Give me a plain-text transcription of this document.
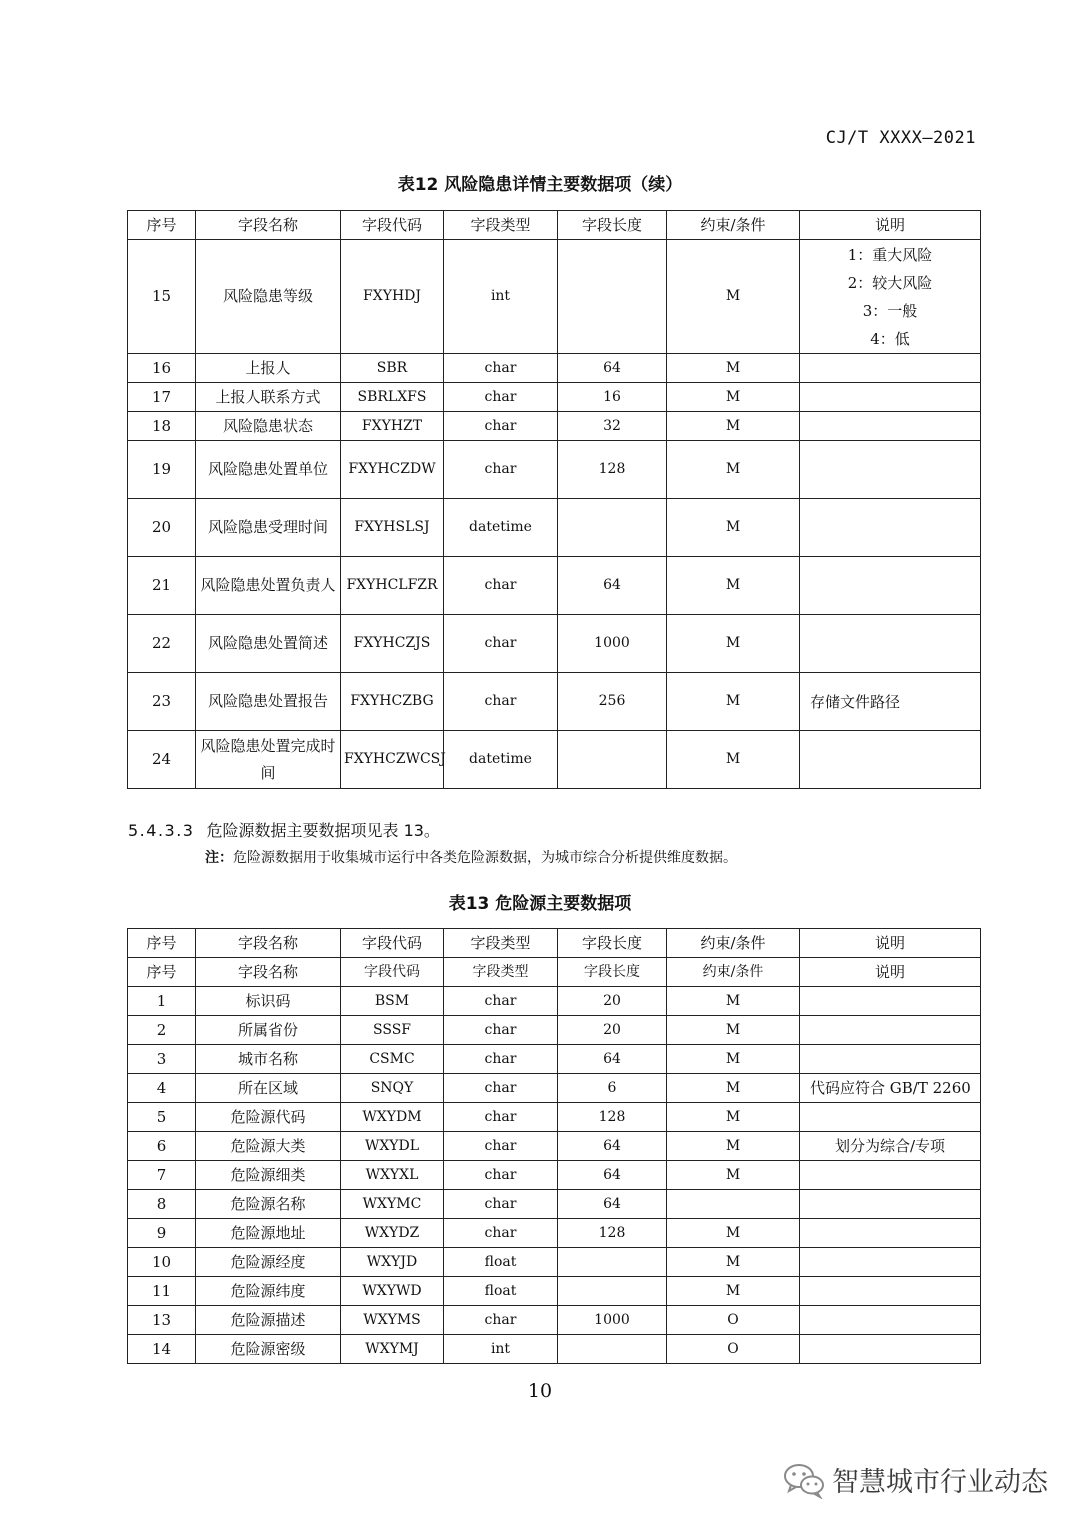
CJ/T XXXX—2021
表12 风险隐患详情主要数据项（续）
序号	字段名称	字段代码	字段类型	字段长度	约束/条件	说明
15	风险隐患等级	FXYHDJ	int		M	1：重大风险
2：较大风险
3：一般
4：低

16	上报人	SBR	char	64	M	
17	上报人联系方式	SBRLXFS	char	16	M	
18	风险隐患状态	FXYHZT	char	32	M	
19	风险隐患处置单位	FXYHCZDW	char	128	M	
20	风险隐患受理时间	FXYHSLSJ	datetime		M	
21	风险隐患处置负责人	FXYHCLFZR	char	64	M	
22	风险隐患处置简述	FXYHCZJS	char	1000	M	
23	风险隐患处置报告	FXYHCZBG	char	256	M	存储文件路径

24	风险隐患处置完成时间	FXYHCZWCSJ	datetime		M	
5.4.3.3 危险源数据主要数据项见表 13。
注：危险源数据用于收集城市运行中各类危险源数据，为城市综合分析提供维度数据。
表13 危险源主要数据项
序号	字段名称	字段代码	字段类型	字段长度	约束/条件	说明
序号	字段名称	字段代码	字段类型	字段长度	约束/条件	说明

1	标识码	BSM	char	20	M	
2	所属省份	SSSF	char	20	M	
3	城市名称	CSMC	char	64	M	
4	所在区域	SNQY	char	6	M	代码应符合 GB/T 2260

5	危险源代码	WXYDM	char	128	M	
6	危险源大类	WXYDL	char	64	M	划分为综合/专项

7	危险源细类	WXYXL	char	64	M	
8	危险源名称	WXYMC	char	64		
9	危险源地址	WXYDZ	char	128	M	
10	危险源经度	WXYJD	float		M	
11	危险源纬度	WXYWD	float		M	
13	危险源描述	WXYMS	char	1000	O	
14	危险源密级	WXYMJ	int		O	
10
智慧城市行业动态
